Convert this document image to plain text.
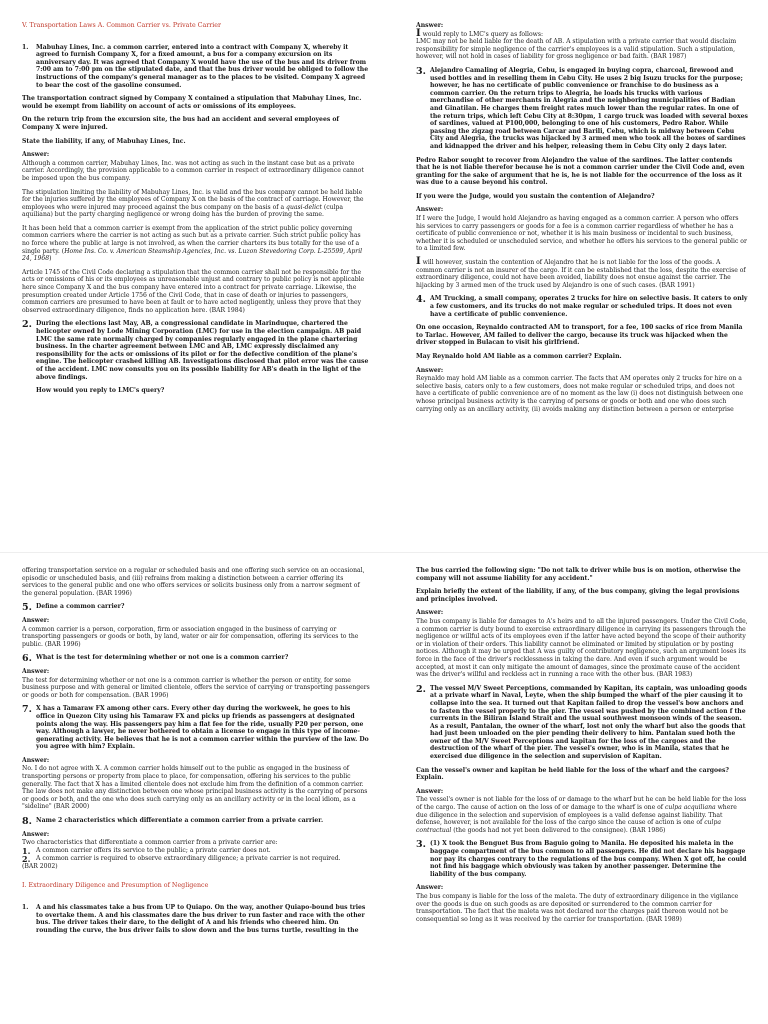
V. Transportation Laws A. Common Carrier vs. Private Carrier
1.	Mabuhay Lines, Inc. a common carrier, entered into a contract with Company X, whereby it agreed to furnish Company X, for a fixed amount, a bus for a company excursion on its anniversary day. It was agreed that Company X would have the use of the bus and its driver from 7:00 am to 7:00 pm on the stipulated date, and that the bus driver would be obliged to follow the instructions of the company's general manager as to the places to be visited. Company X agreed to bear the cost of the gasoline consumed.

The transportation contract signed by Company X contained a stipulation that Mabuhay Lines, Inc. would be exempt from liability on account of acts or omissions of its employees.

On the return trip from the excursion site, the bus had an accident and several employees of Company X were injured.

State the liability, if any, of Mabuhay Lines, Inc.

Answer:

Although a common carrier, Mabuhay Lines, Inc. was not acting as such in the instant case but as a private carrier. Accordingly, the provision applicable to a common carrier in respect of extraordinary diligence cannot be imposed upon the bus company.

The stipulation limiting the liability of Mabuhay Lines, Inc. is valid and the bus company cannot be held liable for the injuries suffered by the employees of Company X on the basis of the contract of carriage. However, the employees who were injured may proceed against the bus company on the basis of a quasi-delict (culpa aquiliana) but the party charging negligence or wrong doing has the burden of proving the same.

It has been held that a common carrier is exempt from the application of the strict public policy governing common carriers where the carrier is not acting as such but as a private carrier. Such strict public policy has no force where the public at large is not involved, as when the carrier charters its bus totally for the use of a single party. (Home Ins. Co. v. American Steamship Agencies, Inc. vs. Luzon Stevedoring Corp. L-25599, April 24, 1968)

Article 1745 of the Civil Code declaring a stipulation that the common carrier shall not be responsible for the acts or omissions of his or its employees as unreasonable unjust and contrary to public policy is not applicable here since Company X and the bus company have entered into a contract for private carriage. Likewise, the presumption created under Article 1756 of the Civil Code, that in case of death or injuries to passengers, common carriers are presumed to have been at fault or to have acted negligently, unless they prove that they observed extraordinary diligence, finds no application here. (BAR 1984)

2. During the elections last May, AB, a congressional candidate in Marinduque, chartered the helicopter owned by Lode Mining Corporation (LMC) for use in the election campaign. AB paid LMC the same rate normally charged by companies regularly engaged in the plane chartering business. In the charter agreement between LMC and AB, LMC expressly disclaimed any responsibility for the acts or omissions of its pilot or for the defective condition of the plane's engine. The helicopter crashed killing AB. Investigations disclosed that pilot error was the cause of the accident. LMC now consults you on its possible liability for AB's death in the light of the above findings.

How would you reply to LMC's query?

Answer:

I would reply to LMC's query as follows:
LMC may not be held liable for the death of AB. A stipulation with a private carrier that would disclaim responsibility for simple negligence of the carrier's employees is a valid stipulation. Such a stipulation, however, will not hold in cases of liability for gross negligence or bad faith. (BAR 1987)

3. Alejandro Camaling of Alegria, Cebu, is engaged in buying copra, charcoal, firewood and used bottles and in reselling them in Cebu City. He uses 2 big Isuzu trucks for the purpose; however, he has no certificate of public convenience or franchise to do business as a common carrier. On the return trips to Alegria, he loads his trucks with various merchandise of other merchants in Alegria and the neighboring municipalities of Badian and Ginatilan. He charges them freight rates much lower than the regular rates. In one of the return trips, which left Cebu City at 8:30pm, 1 cargo truck was loaded with several boxes of sardines, valued at P100,000, belonging to one of his customers, Pedro Rabor. While passing the zigzag road between Carcar and Barili, Cebu, which is midway between Cebu City and Alegria, the trucks was hijacked by 3 armed men who took all the boxes of sardines and kidnapped the driver and his helper, releasing them in Cebu City only 2 days later.

Pedro Rabor sought to recover from Alejandro the value of the sardines. The latter contends that he is not liable therefor because he is not a common carrier under the Civil Code and, even granting for the sake of argument that he is, he is not liable for the occurrence of the loss as it was due to a cause beyond his control.

If you were the Judge, would you sustain the contention of Alejandro?

Answer:

If I were the Judge, I would hold Alejandro as having engaged as a common carrier. A person who offers his services to carry passengers or goods for a fee is a common carrier regardless of whether he has a certificate of public convenience or not, whether it is his main business or incidental to such business, whether it is scheduled or unscheduled service, and whether he offers his services to the general public or to a limited few.

I will however, sustain the contention of Alejandro that he is not liable for the loss of the goods. A common carrier is not an insurer of the cargo. If it can be established that the loss, despite the exercise of extraordinary diligence, could not have been avoided, liability does not ensue against the carrier. The hijacking by 3 armed men of the truck used by Alejandro is one of such cases. (BAR 1991)

4. AM Trucking, a small company, operates 2 trucks for hire on selective basis. It caters to only a few customers, and its trucks do not make regular or scheduled trips. It does not even have a certificate of public convenience.

On one occasion, Reynaldo contracted AM to transport, for a fee, 100 sacks of rice from Manila to Tarlac. However, AM failed to deliver the cargo, because its truck was hijacked when the driver stopped in Bulacan to visit his girlfriend.

May Reynaldo hold AM liable as a common carrier? Explain.

Answer:

Reynaldo may hold AM liable as a common carrier. The facts that AM operates only 2 trucks for hire on a selective basis, caters only to a few customers, does not make regular or scheduled trips, and does not have a certificate of public convenience are of no moment as the law (i) does not distinguish between one whose principal business activity is the carrying of persons or goods or both and one who does such carrying only as an ancillary activity, (ii) avoids making any distinction between a person or enterprise

offering transportation service on a regular or scheduled basis and one offering such service on an occasional, episodic or unscheduled basis, and (iii) refrains from making a distinction between a carrier offering its services to the general public and one who offers services or solicits business only from a narrow segment of the general population. (BAR 1996)

5. Define a common carrier?

Answer:

A common carrier is a person, corporation, firm or association engaged in the business of carrying or transporting passengers or goods or both, by land, water or air for compensation, offering its services to the public. (BAR 1996)

6. What is the test for determining whether or not one is a common carrier?

Answer:

The test for determining whether or not one is a common carrier is whether the person or entity, for some business purpose and with general or limited clientele, offers the service of carrying or transporting passengers or goods or both for compensation. (BAR 1996)

7. X has a Tamaraw FX among other cars. Every other day during the workweek, he goes to his office in Quezon City using his Tamaraw FX and picks up friends as passengers at designated points along the way. His passengers pay him a flat fee for the ride, usually P20 per person, one way. Although a lawyer, he never bothered to obtain a license to engage in this type of income-generating activity. He believes that he is not a common carrier within the purview of the law. Do you agree with him? Explain.

Answer:

No. I do not agree with X. A common carrier holds himself out to the public as engaged in the business of transporting persons or property from place to place, for compensation, offering his services to the public generally. The fact that X has a limited clientele does not exclude him from the definition of a common carrier. The law does not make any distinction between one whose principal business activity is the carrying of persons or goods or both, and the one who does such carrying only as an ancillary activity or in the local idiom, as a "sideline" (BAR 2000)

8. Name 2 characteristics which differentiate a common carrier from a private carrier.

Answer:
Two characteristics that differentiate a common carrier from a private carrier are:
1. A common carrier offers its service to the public; a private carrier does not.
2. A common carrier is required to observe extraordinary diligence; a private carrier is not required.

(BAR 2002)

I. Extraordinary Diligence and Presumption of Negligence
1.	A and his classmates take a bus from UP to Quiapo. On the way, another Quiapo-bound bus tries to overtake them. A and his classmates dare the bus driver to run faster and race with the other bus. The driver takes their dare, to the delight of A and his friends who cheered him. On rounding the curve, the bus driver fails to slow down and the bus turns turtle, resulting in the

The bus carried the following sign: "Do not talk to driver while bus is on motion, otherwise the company will not assume liability for any accident."

Explain briefly the extent of the liability, if any, of the bus company, giving the legal provisions and principles involved.

Answer:

The bus company is liable for damages to A's heirs and to all the injured passengers. Under the Civil Code, a common carrier is duty bound to exercise extraordinary diligence in carrying its passengers through the negligence or willful acts of its employees even if the latter have acted beyond the scope of their authority or in violation of their orders. This liability cannot be eliminated or limited by stipulation or by posting notices. Although it may be urged that A was guilty of contributory negligence, such an argument loses its force in the face of the driver's recklessness in taking the dare. And even if such argument would be accepted, at most it can only mitigate the amount of damages, since the proximate cause of the accident was the driver's willful and reckless act in running a race with the other bus. (BAR 1983)

2. The vessel M/V Sweet Perceptions, commanded by Kapitan, its captain, was unloading goods at a private wharf in Naval, Leyte, when the ship bumped the wharf of the pier causing it to collapse into the sea. It turned out that Kapitan failed to drop the vessel's bow anchors and to fasten the vessel properly to the pier. The vessel was pushed by the combined action f the currents in the Biliran Island Strait and the usual southwest monsoon winds of the season. As a result, Pantalan, the owner of the wharf, lost not only the wharf but also the goods that had just been unloaded on the pier pending their delivery to him. Pantalan sued both the owner of the M/V Sweet Perceptions and kapitan for the loss of the cargoes and the destruction of the wharf of the pier. The vessel's owner, who is in Manila, states that he exercised due diligence in the selection and supervision of Kapitan.

Can the vessel's owner and kapitan be held liable for the loss of the wharf and the cargoes? Explain.

Answer:

The vessel's owner is not liable for the loss of or damage to the wharf but he can be held liable for the loss of the cargo. The cause of action on the loss of or damage to the wharf is one of culpa acquiliana where due diligence in the selection and supervision of employees is a valid defense against liability. That defense, however, is not available for the loss of the cargo since the cause of action is one of culpa contractual (the goods had not yet been delivered to the consignee). (BAR 1986)

3. (1) X took the Benguet Bus from Baguio going to Manila. He deposited his maleta in the baggage compartment of the bus common to all passengers. He did not declare his baggage nor pay its charges contrary to the regulations of the bus company. When X got off, he could not find his baggage which obviously was taken by another passenger. Determine the liability of the bus company.

Answer:

The bus company is liable for the loss of the maleta. The duty of extraordinary diligence in the vigilance over the goods is due on such goods as are deposited or surrendered to the common carrier for transportation. The fact that the maleta was not declared nor the charges paid thereon would not be consequential so long as it was received by the carrier for transportation. (BAR 1989)
